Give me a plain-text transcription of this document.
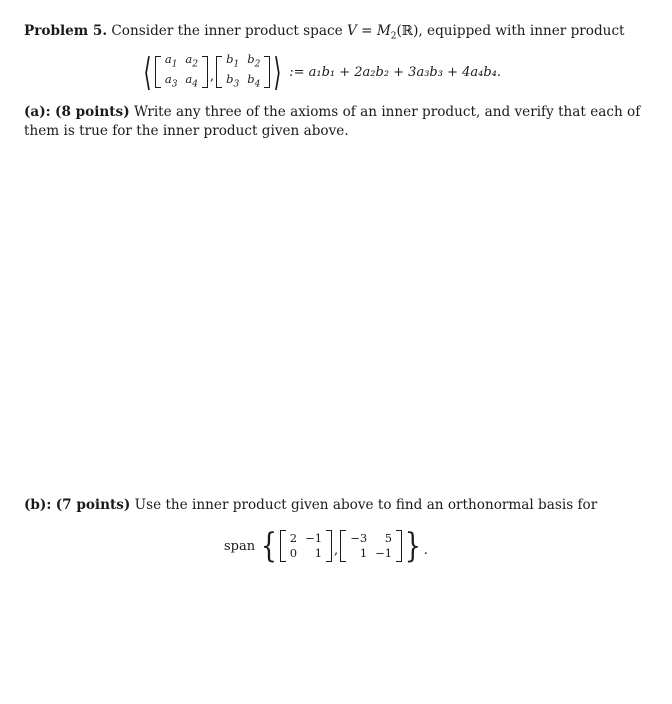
Problem 5. Consider the inner product space $V = M_2(ℝ)$, equipped with inner product
⟨ $a_1$	$a_2$
$a_3$	$a_4$
,
$b_1$	$b_2$
$b_3$	$b_4$ ⟩ := a₁b₁ + 2a₂b₂ + 3a₃b₃ + 4a₄b₄.
(a): (8 points) Write any three of the axioms of an inner product, and verify that each of them is true for the inner product given above.
(b): (7 points) Use the inner product given above to find an orthonormal basis for
span { 2	−1
0	1 ,
−3	5
1	−1 } .
